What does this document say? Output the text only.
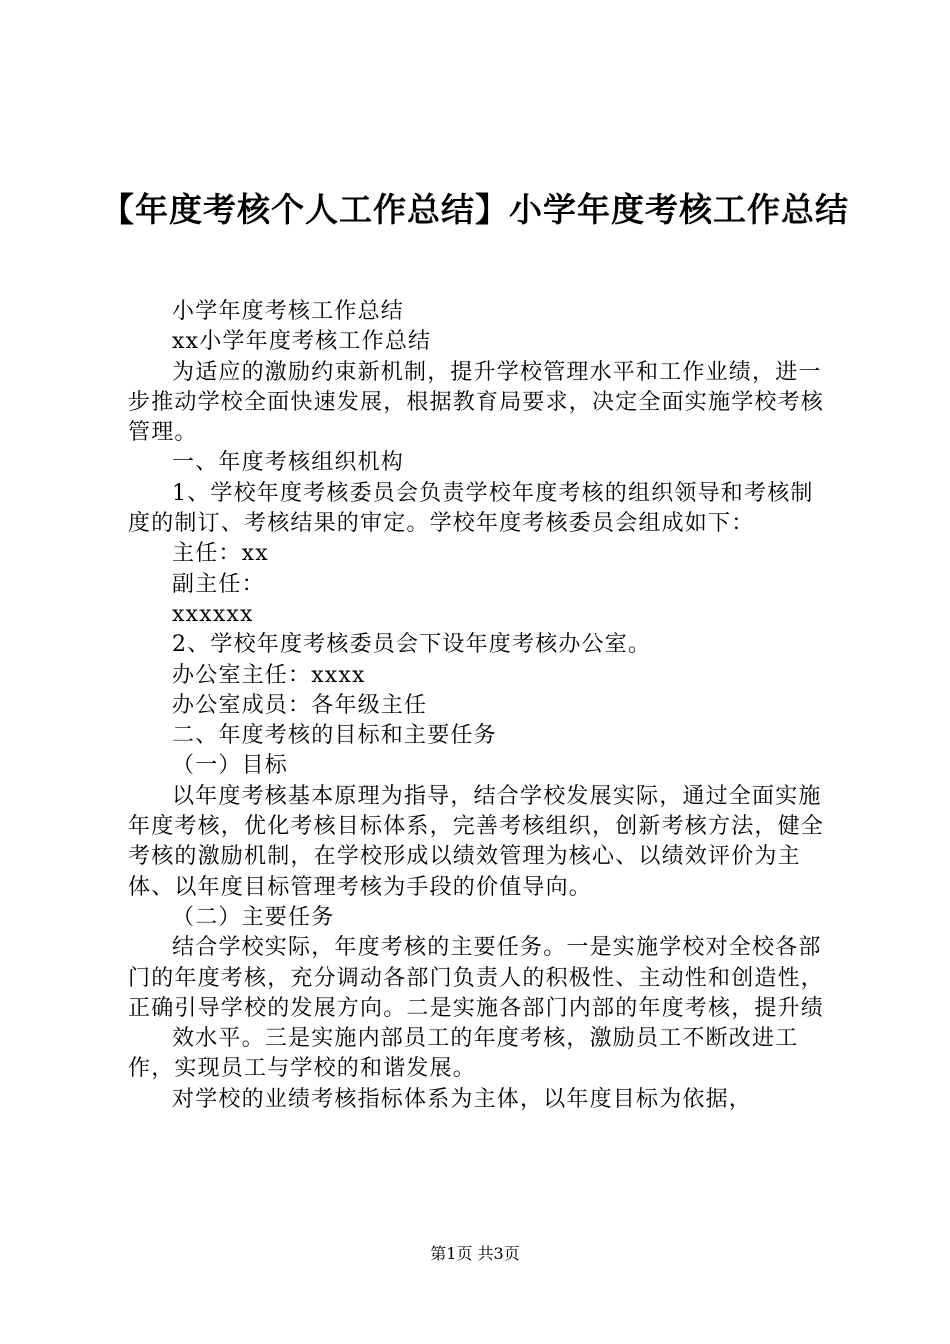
【年度考核个人工作总结】小学年度考核工作总结

小学年度考核工作总结

xx小学年度考核工作总结

为适应的激励约束新机制，提升学校管理水平和工作业绩，进一步推动学校全面快速发展，根据教育局要求，决定全面实施学校考核管理。

一、年度考核组织机构

1、学校年度考核委员会负责学校年度考核的组织领导和考核制度的制订、考核结果的审定。学校年度考核委员会组成如下：

主任：xx

副主任：

xxxxxx

2、学校年度考核委员会下设年度考核办公室。

办公室主任：xxxx

办公室成员：各年级主任

二、年度考核的目标和主要任务

（一）目标

以年度考核基本原理为指导，结合学校发展实际，通过全面实施年度考核，优化考核目标体系，完善考核组织，创新考核方法，健全考核的激励机制，在学校形成以绩效管理为核心、以绩效评价为主体、以年度目标管理考核为手段的价值导向。

（二）主要任务

结合学校实际，年度考核的主要任务。一是实施学校对全校各部门的年度考核，充分调动各部门负责人的积极性、主动性和创造性，正确引导学校的发展方向。二是实施各部门内部的年度考核，提升绩

效水平。三是实施内部员工的年度考核，激励员工不断改进工作，实现员工与学校的和谐发展。

对学校的业绩考核指标体系为主体，以年度目标为依据，

第1页 共3页
